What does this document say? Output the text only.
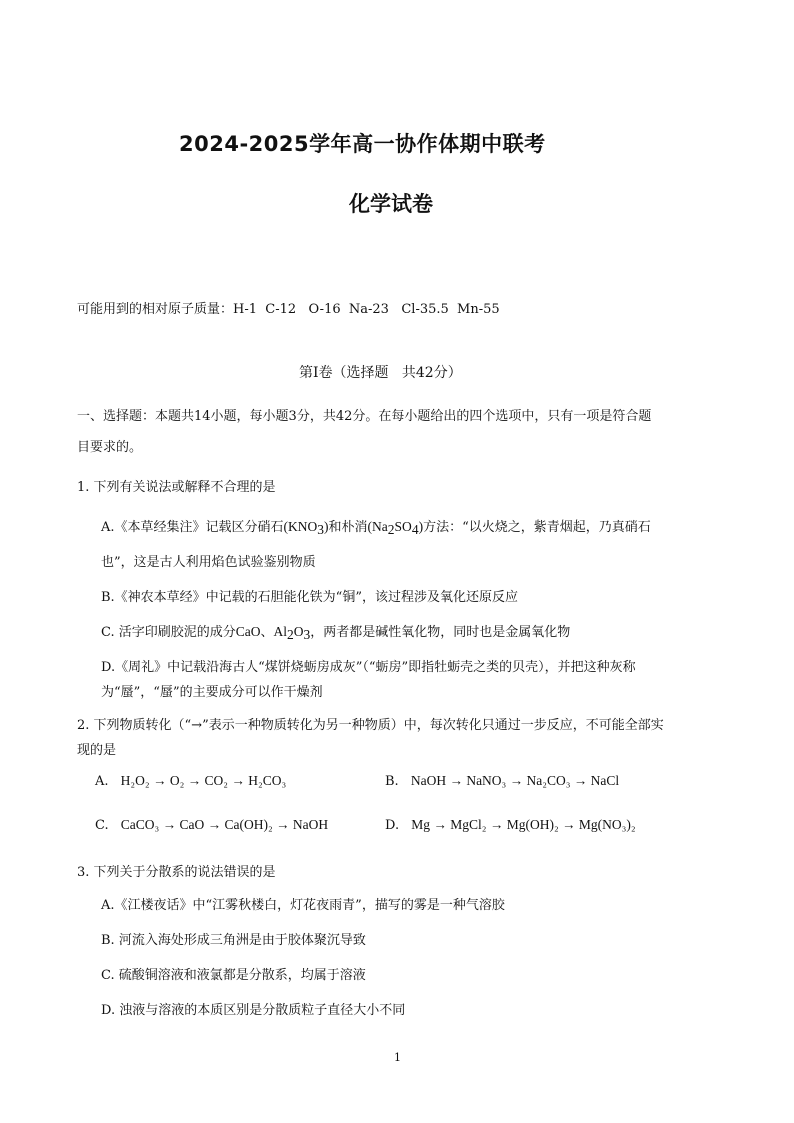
2024-2025学年高一协作体期中联考
化学试卷
可能用到的相对原子质量：H-1  C-12   O-16  Na-23   Cl-35.5  Mn-55
第Ⅰ卷（选择题   共42分）
一、选择题：本题共14小题，每小题3分，共42分。在每小题给出的四个选项中，只有一项是符合题
目要求的。
1. 下列有关说法或解释不合理的是
A.《本草经集注》记载区分硝石$(KNO_3)$和朴消$(Na_2SO_4)$方法：“以火烧之，紫青烟起，乃真硝石
也”，这是古人利用焰色试验鉴别物质
B.《神农本草经》中记载的石胆能化铁为“铜”，该过程涉及氧化还原反应
C. 活字印刷胶泥的成分CaO、$Al_2O_3$，两者都是碱性氧化物，同时也是金属氧化物
D.《周礼》中记载沿海古人“煤饼烧蛎房成灰”（“蛎房”即指牡蛎壳之类的贝壳），并把这种灰称
为“蜃”，“蜃”的主要成分可以作干燥剂
2. 下列物质转化（“→”表示一种物质转化为另一种物质）中，每次转化只通过一步反应，不可能全部实
现的是
A. H₂O₂ → O₂ → CO₂ → H₂CO₃	B. NaOH → NaNO₃ → Na₂CO₃ → NaCl
C. CaCO₃ → CaO → Ca(OH)₂ → NaOH	D. Mg → MgCl₂ → Mg(OH)₂ → Mg(NO₃)₂
3. 下列关于分散系的说法错误的是
A.《江楼夜话》中“江雾秋楼白，灯花夜雨青”，描写的雾是一种气溶胶
B. 河流入海处形成三角洲是由于胶体聚沉导致
C. 硫酸铜溶液和液氯都是分散系，均属于溶液
D. 浊液与溶液的本质区别是分散质粒子直径大小不同
1
